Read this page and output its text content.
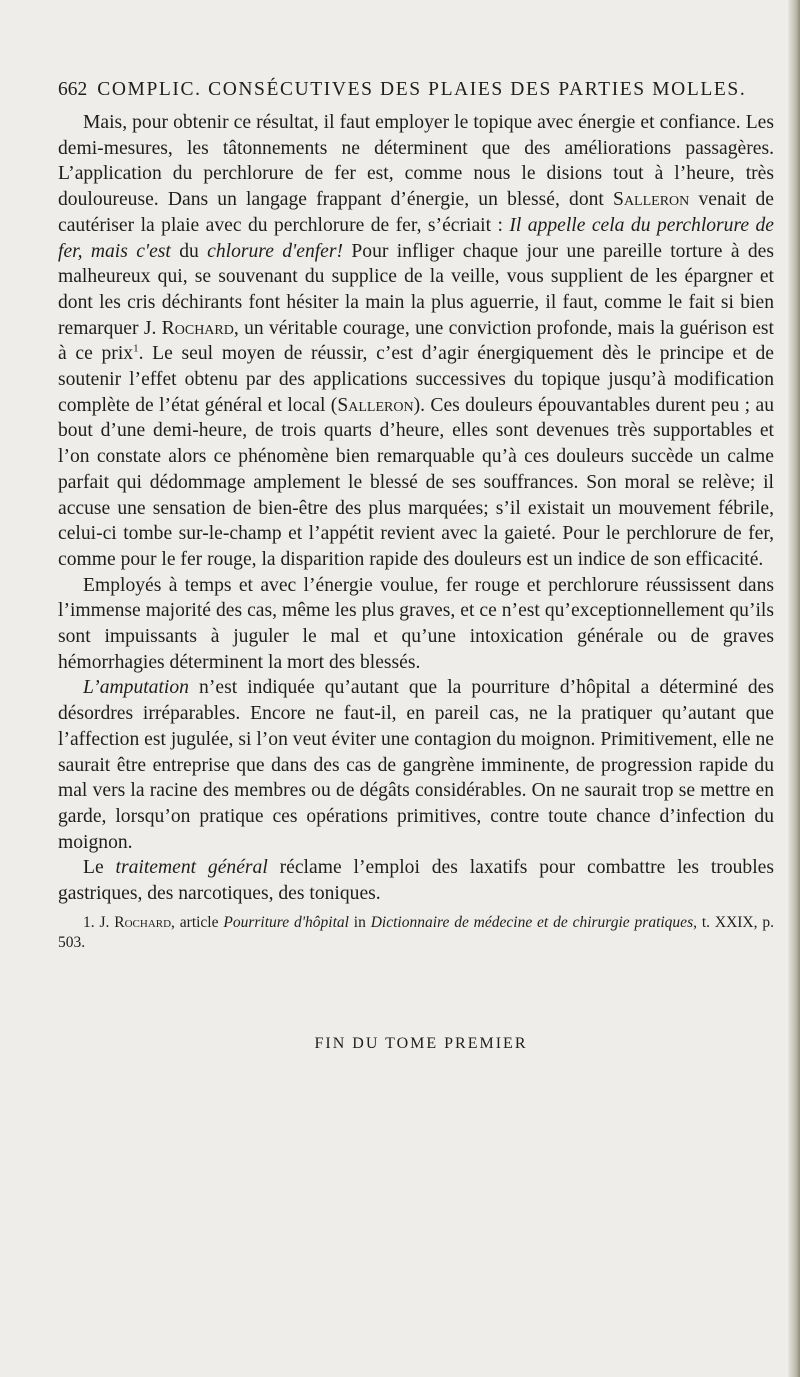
662 COMPLIC. CONSÉCUTIVES DES PLAIES DES PARTIES MOLLES.

Mais, pour obtenir ce résultat, il faut employer le topique avec énergie et confiance. Les demi-mesures, les tâtonnements ne déterminent que des améliorations passagères. L’application du perchlorure de fer est, comme nous le disions tout à l’heure, très douloureuse. Dans un langage frappant d’énergie, un blessé, dont Salleron venait de cautériser la plaie avec du perchlorure de fer, s’écriait : Il appelle cela du perchlorure de fer, mais c'est du chlorure d'enfer! Pour infliger chaque jour une pareille torture à des malheureux qui, se souvenant du supplice de la veille, vous supplient de les épargner et dont les cris déchirants font hésiter la main la plus aguerrie, il faut, comme le fait si bien remarquer J. Rochard, un véritable courage, une conviction profonde, mais la guérison est à ce prix$^1$. Le seul moyen de réussir, c’est d’agir énergiquement dès le principe et de soutenir l’effet obtenu par des applications successives du topique jusqu’à modification complète de l’état général et local (Salleron). Ces douleurs épouvantables durent peu ; au bout d’une demi-heure, de trois quarts d’heure, elles sont devenues très supportables et l’on constate alors ce phénomène bien remarquable qu’à ces douleurs succède un calme parfait qui dédommage amplement le blessé de ses souffrances. Son moral se relève; il accuse une sensation de bien-être des plus marquées; s’il existait un mouvement fébrile, celui-ci tombe sur-le-champ et l’appétit revient avec la gaieté. Pour le perchlorure de fer, comme pour le fer rouge, la disparition rapide des douleurs est un indice de son efficacité.

Employés à temps et avec l’énergie voulue, fer rouge et perchlorure réussissent dans l’immense majorité des cas, même les plus graves, et ce n’est qu’exceptionnellement qu’ils sont impuissants à juguler le mal et qu’une intoxication générale ou de graves hémorrhagies déterminent la mort des blessés.

L’amputation n’est indiquée qu’autant que la pourriture d’hôpital a déterminé des désordres irréparables. Encore ne faut-il, en pareil cas, ne la pratiquer qu’autant que l’affection est jugulée, si l’on veut éviter une contagion du moignon. Primitivement, elle ne saurait être entreprise que dans des cas de gangrène imminente, de progression rapide du mal vers la racine des membres ou de dégâts considérables. On ne saurait trop se mettre en garde, lorsqu’on pratique ces opérations primitives, contre toute chance d’infection du moignon.

Le traitement général réclame l’emploi des laxatifs pour combattre les troubles gastriques, des narcotiques, des toniques.

1. J. Rochard, article Pourriture d'hôpital in Dictionnaire de médecine et de chirurgie pratiques, t. XXIX, p. 503.

FIN DU TOME PREMIER
